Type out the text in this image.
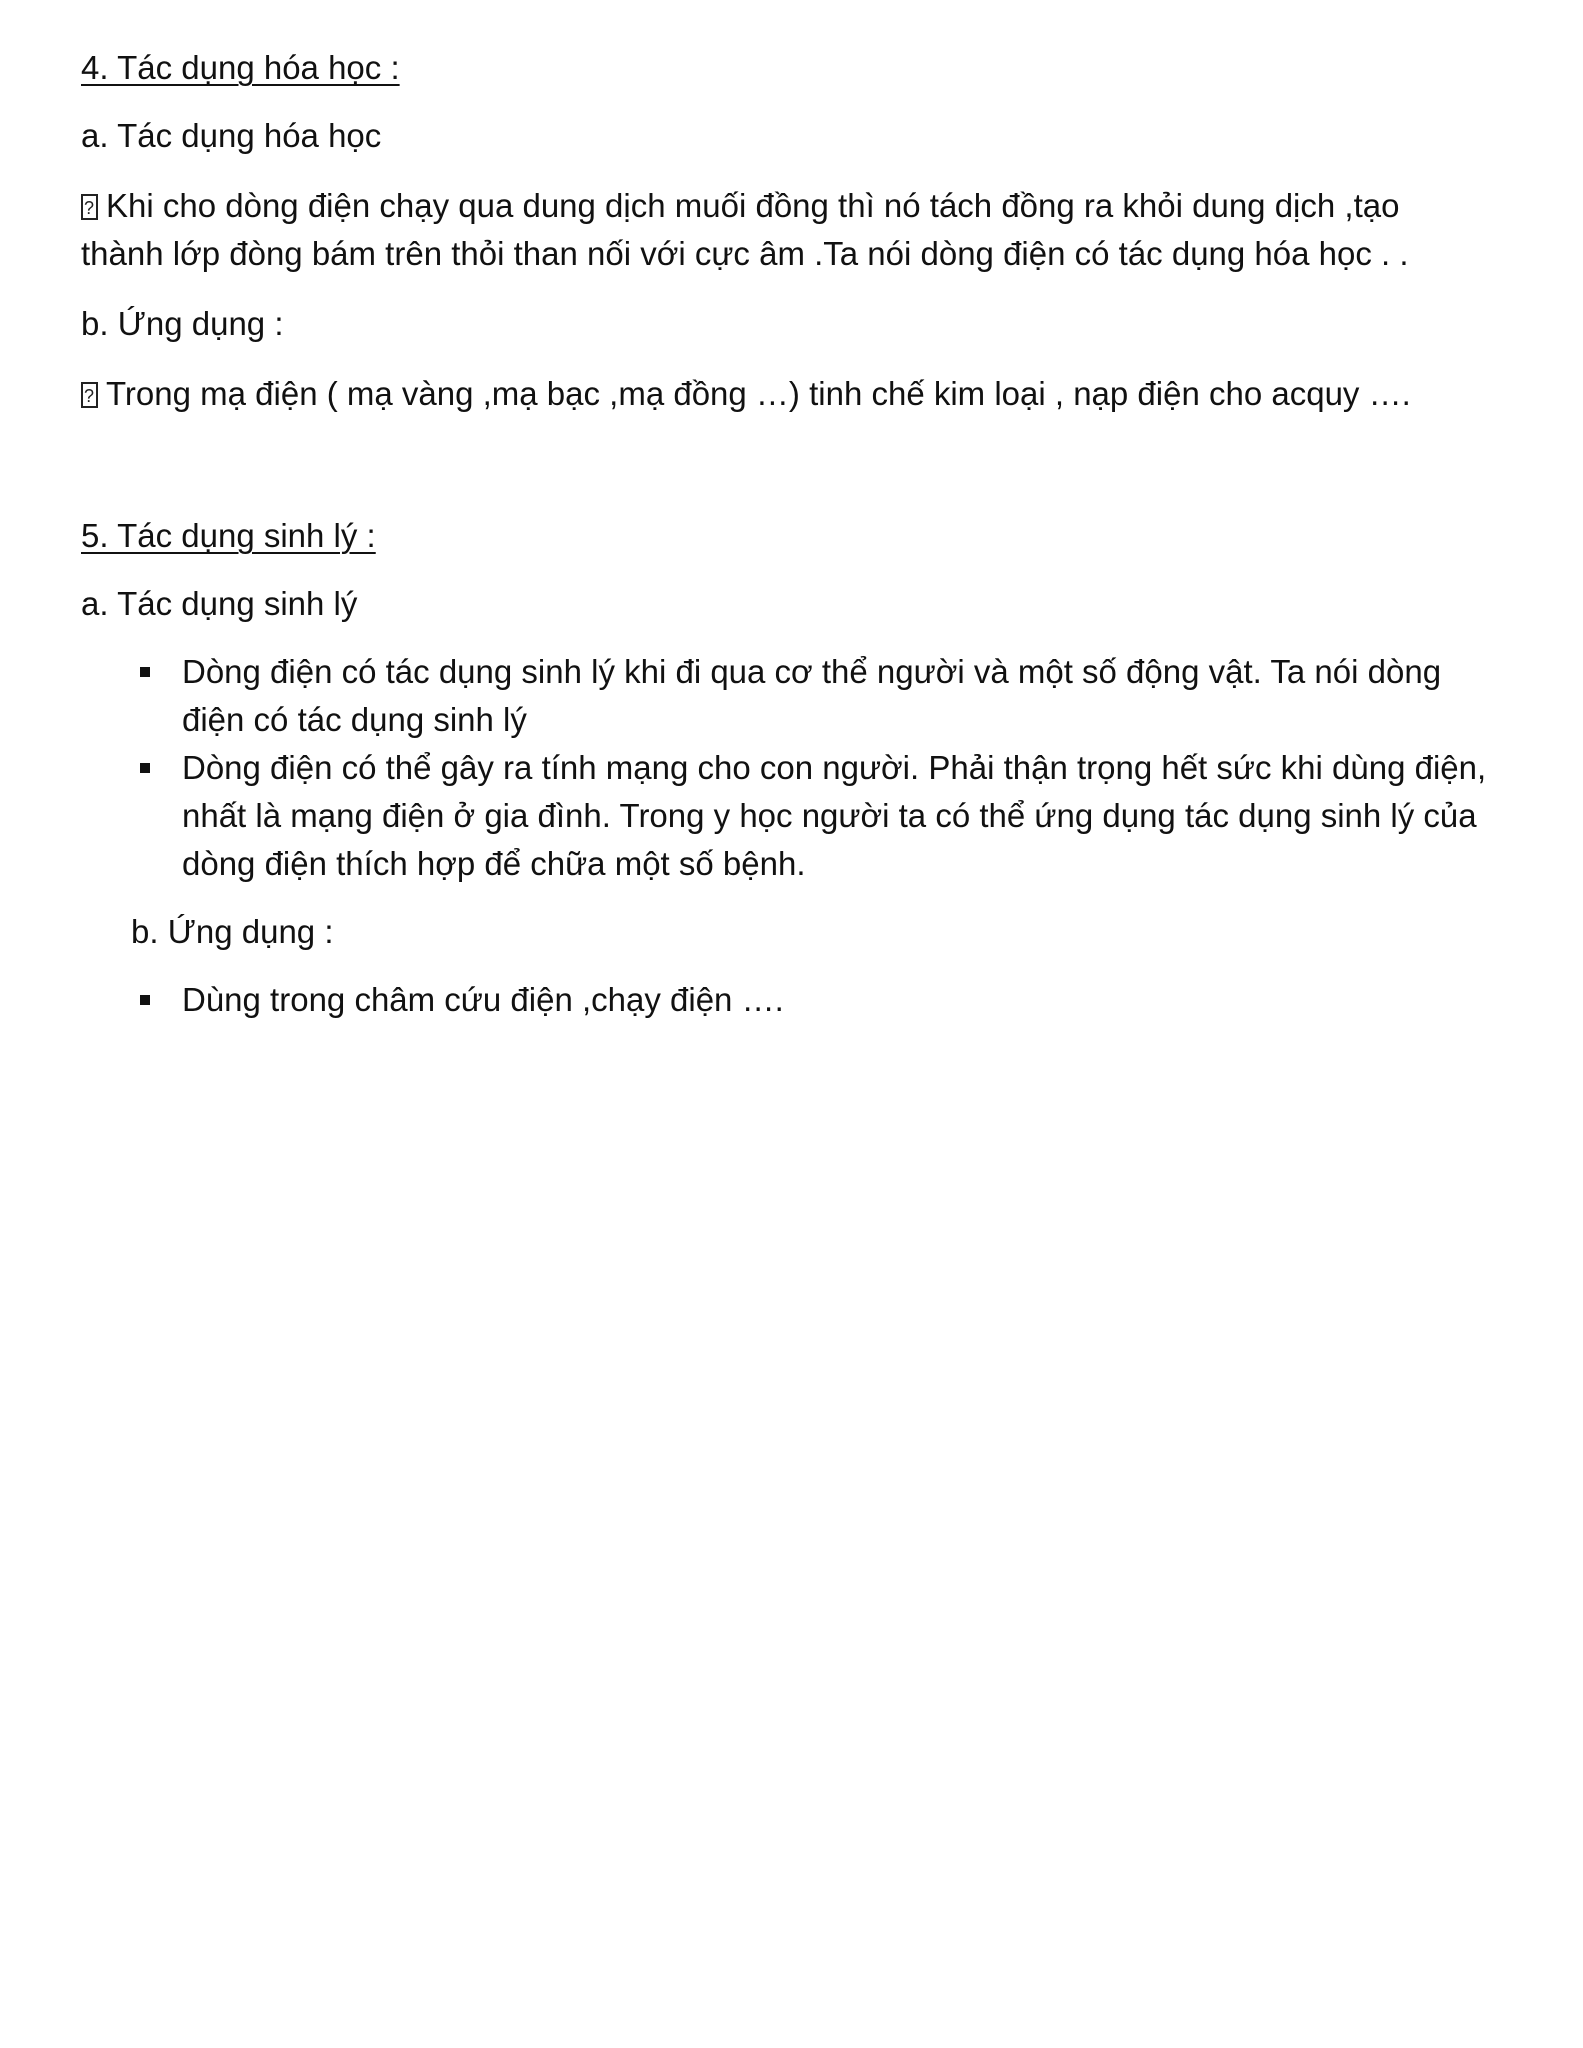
4. Tác dụng hóa học :

a. Tác dụng hóa học

?Khi cho dòng điện chạy qua dung dịch muối đồng thì nó tách đồng ra khỏi dung dịch ,tạo
thành lớp đòng bám trên thỏi than nối với cực âm .Ta nói dòng điện có tác dụng hóa học . .

b. Ứng dụng :

?Trong mạ điện ( mạ vàng ,mạ bạc ,mạ đồng …) tinh chế kim loại , nạp điện cho acquy ….

5. Tác dụng sinh lý :

a. Tác dụng sinh lý

Dòng điện có tác dụng sinh lý khi đi qua cơ thể người và một số động vật. Ta nói dòng
điện có tác dụng sinh lý
Dòng điện có thể gây ra tính mạng cho con người. Phải thận trọng hết sức khi dùng điện,
nhất là mạng điện ở gia đình. Trong y học người ta có thể ứng dụng tác dụng sinh lý của
dòng điện thích hợp để chữa một số bệnh.

b. Ứng dụng :

Dùng trong châm cứu điện ,chạy điện ….
